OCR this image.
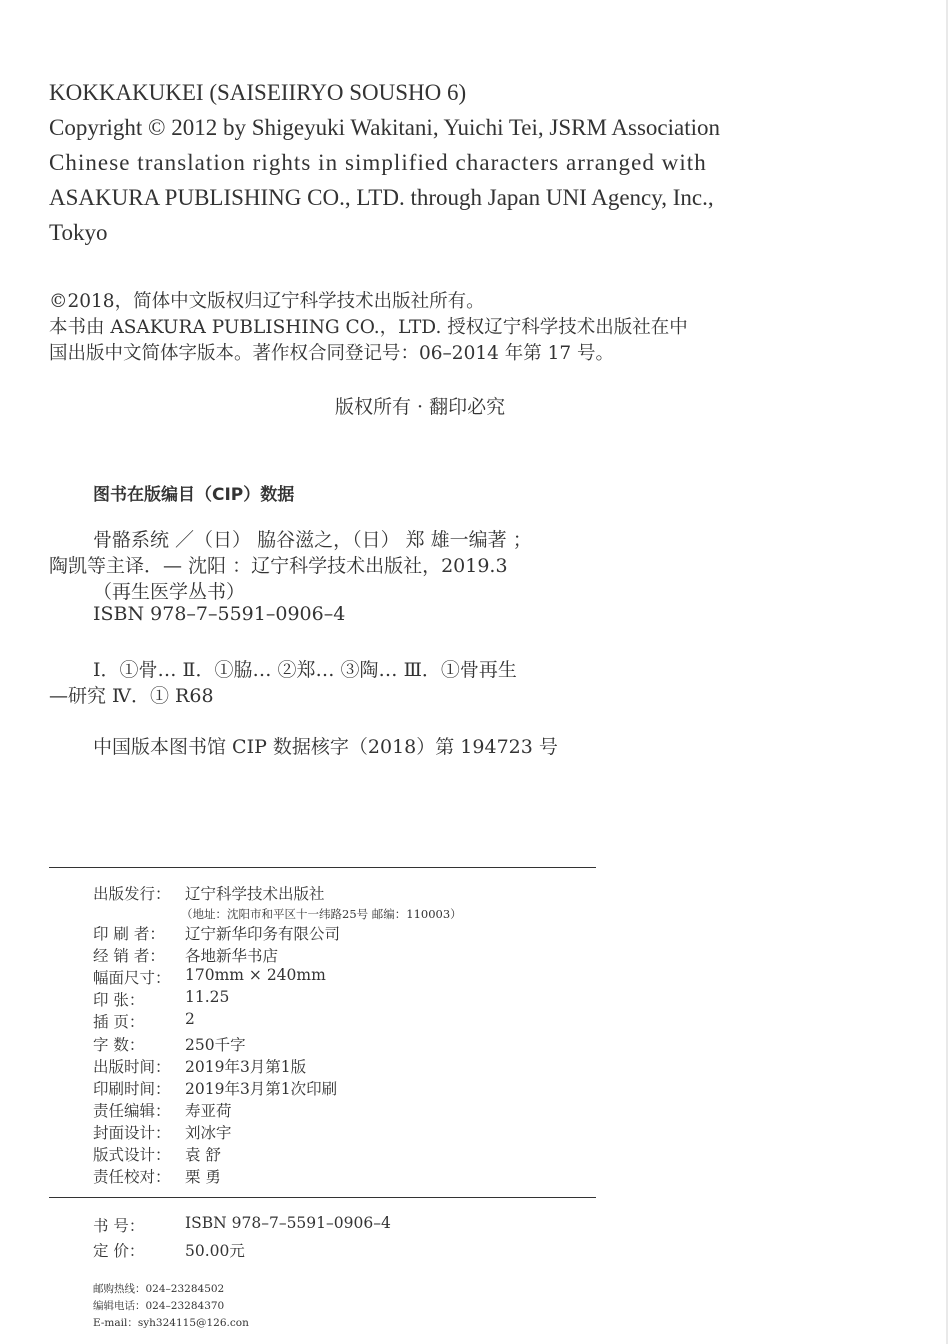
KOKKAKUKEI (SAISEIIRYO SOUSHO 6)
Copyright © 2012 by Shigeyuki Wakitani, Yuichi Tei, JSRM Association
Chinese translation rights in simplified characters arranged with
ASAKURA PUBLISHING CO., LTD. through Japan UNI Agency, Inc.,
Tokyo
©2018，简体中文版权归辽宁科学技术出版社所有。
本书由 ASAKURA PUBLISHING CO.，LTD. 授权辽宁科学技术出版社在中
国出版中文简体字版本。著作权合同登记号：06–2014 年第 17 号。
版权所有 · 翻印必究
图书在版编目（CIP）数据
骨骼系统 ／（日） 脇谷滋之，（日） 郑 雄一编著 ；
陶凯等主译．— 沈阳 ：辽宁科学技术出版社，2019.3
（再生医学丛书）
ISBN 978–7–5591–0906–4
Ⅰ．①骨… Ⅱ．①脇… ②郑… ③陶… Ⅲ．①骨再生
—研究 Ⅳ．① R68
中国版本图书馆 CIP 数据核字（2018）第 194723 号
出版发行： 辽宁科学技术出版社
（地址：沈阳市和平区十一纬路25号 邮编：110003）
印 刷 者： 辽宁新华印务有限公司
经 销 者： 各地新华书店
幅面尺寸： 170mm × 240mm
印 张：	11.25
插 页：	2
字 数：	250千字
出版时间： 2019年3月第1版
印刷时间： 2019年3月第1次印刷
责任编辑： 寿亚荷
封面设计： 刘冰宇
版式设计： 袁 舒
责任校对： 栗 勇
书 号：	ISBN 978–7–5591–0906–4
定 价：	50.00元
邮购热线：024–23284502
编辑电话：024–23284370
E-mail：syh324115@126.con
